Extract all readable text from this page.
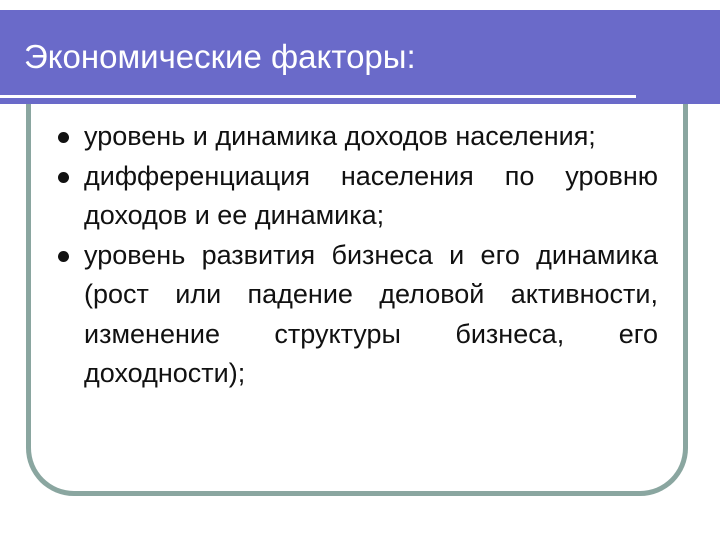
Экономические факторы:
уровень и динамика доходов населения;
дифференциация населения по уровню доходов и ее динамика;
уровень развития бизнеса и его динамика (рост или падение деловой активности, изменение структуры бизнеса, его доходности);
